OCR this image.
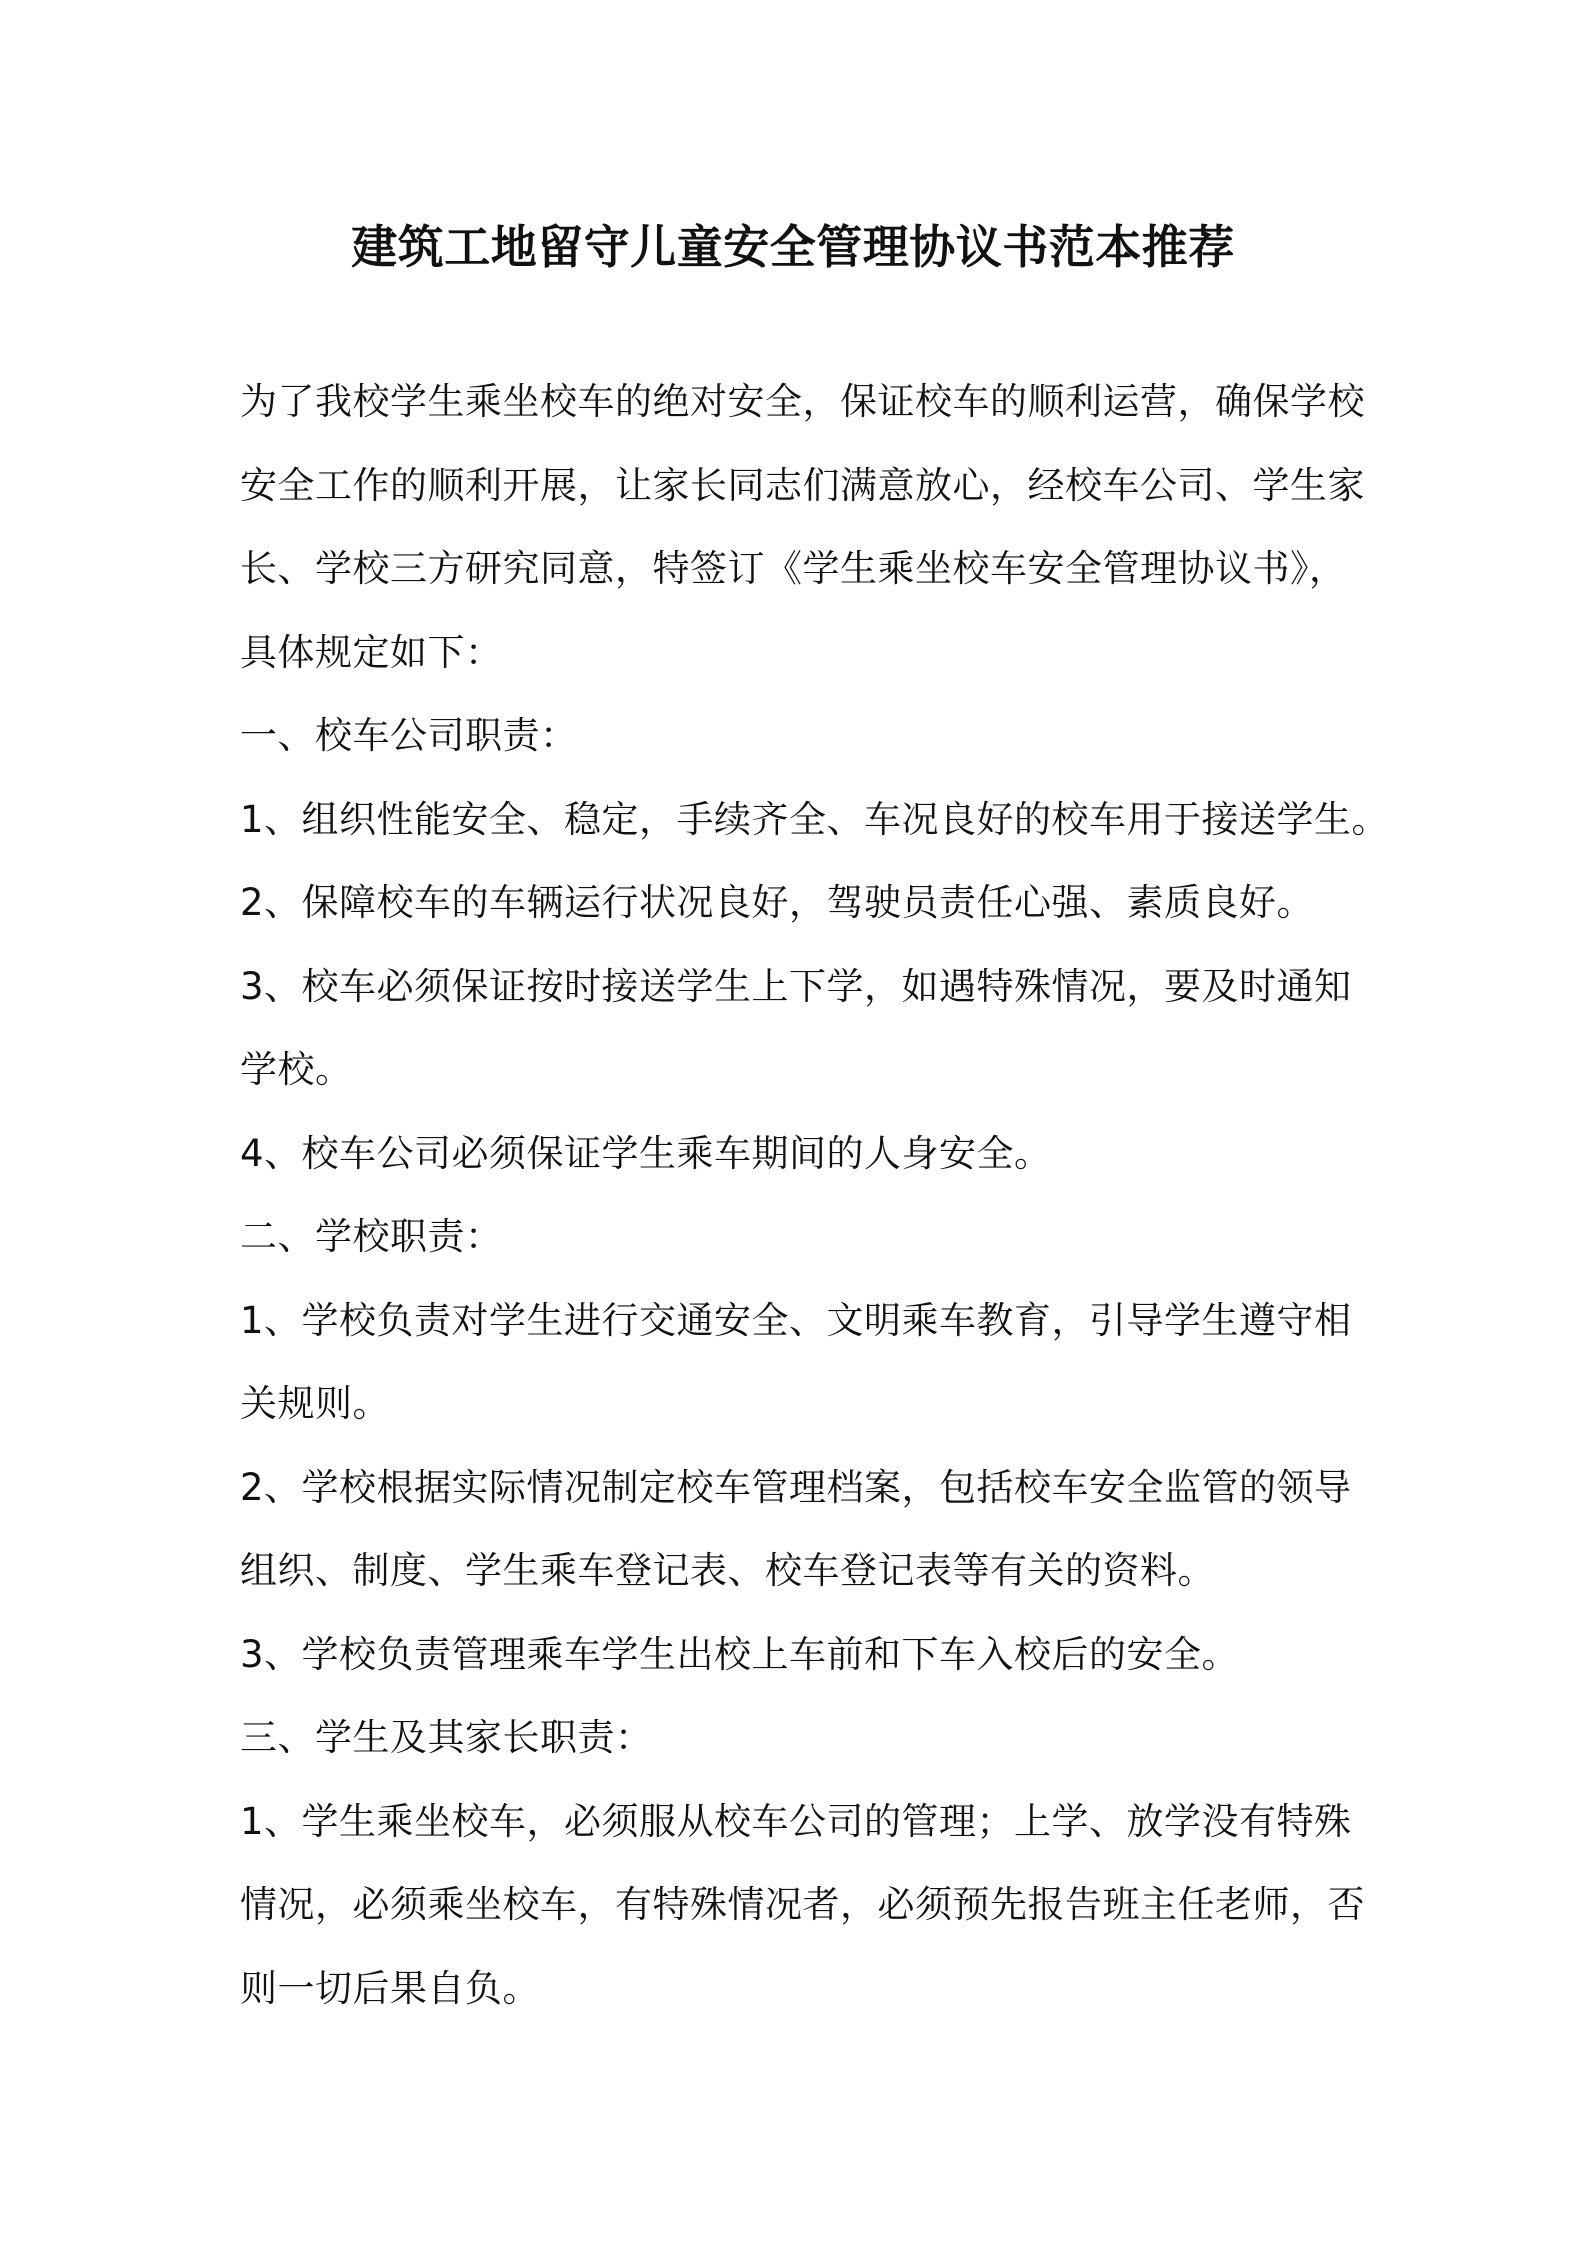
建筑工地留守儿童安全管理协议书范本推荐

为了我校学生乘坐校车的绝对安全，保证校车的顺利运营，确保学校

安全工作的顺利开展，让家长同志们满意放心，经校车公司、学生家

长、学校三方研究同意，特签订《学生乘坐校车安全管理协议书》，

具体规定如下：

一、校车公司职责：

1、组织性能安全、稳定，手续齐全、车况良好的校车用于接送学生。

2、保障校车的车辆运行状况良好，驾驶员责任心强、素质良好。

3、校车必须保证按时接送学生上下学，如遇特殊情况，要及时通知

学校。

4、校车公司必须保证学生乘车期间的人身安全。

二、学校职责：

1、学校负责对学生进行交通安全、文明乘车教育，引导学生遵守相

关规则。

2、学校根据实际情况制定校车管理档案，包括校车安全监管的领导

组织、制度、学生乘车登记表、校车登记表等有关的资料。

3、学校负责管理乘车学生出校上车前和下车入校后的安全。

三、学生及其家长职责：

1、学生乘坐校车，必须服从校车公司的管理；上学、放学没有特殊

情况，必须乘坐校车，有特殊情况者，必须预先报告班主任老师，否

则一切后果自负。
